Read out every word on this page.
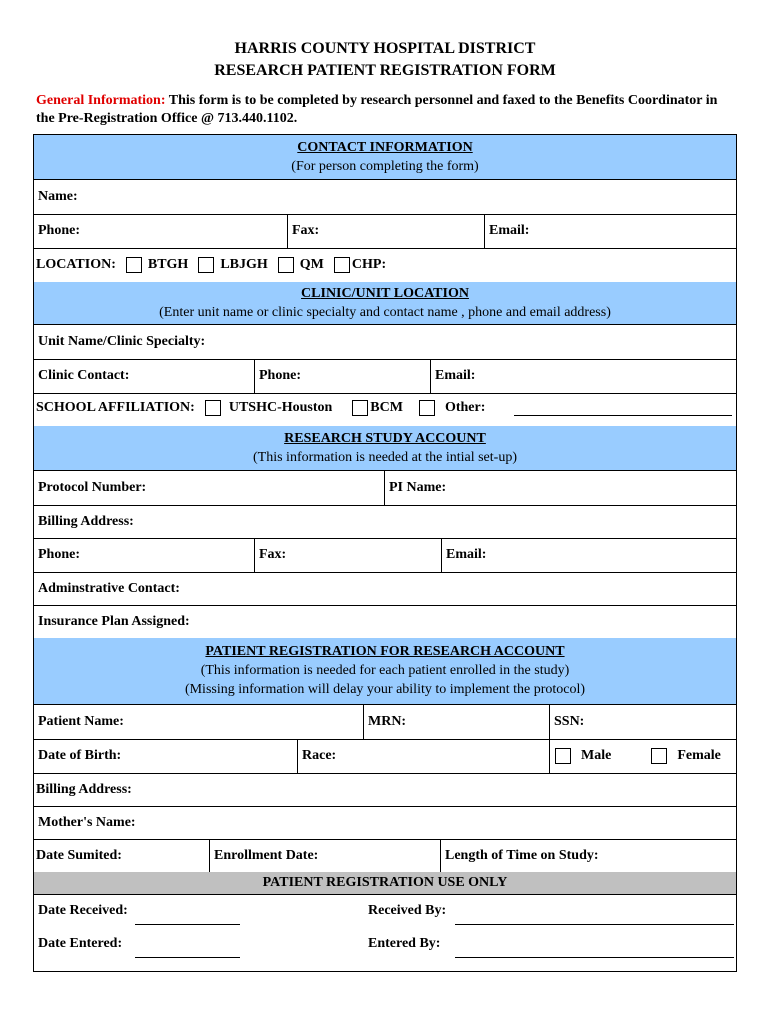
HARRIS COUNTY HOSPITAL DISTRICT
RESEARCH PATIENT REGISTRATION FORM
General Information: This form is to be completed by research personnel and faxed to the Benefits Coordinator in the Pre-Registration Office @ 713.440.1102.
CONTACT INFORMATION
(For person completing the form)
Name:
Phone:	Fax:	Email:
LOCATION: BTGH LBJGH QM CHP:
CLINIC/UNIT LOCATION
(Enter unit name or clinic specialty and contact name , phone and email address)
Unit Name/Clinic Specialty:
Clinic Contact:	Phone:	Email:
SCHOOL AFFILIATION: UTSHC-Houston	BCM	Other:
RESEARCH STUDY ACCOUNT
(This information is needed at the intial set-up)
Protocol Number:	PI Name:
Billing Address:
Phone:	Fax:	Email:
Adminstrative Contact:
Insurance Plan Assigned:
PATIENT REGISTRATION FOR RESEARCH ACCOUNT
(This information is needed for each patient enrolled in the study)
(Missing information will delay your ability to implement the protocol)
Patient Name:	MRN:	SSN:
Date of Birth:	Race:	Male	Female
Billing Address:
Mother's Name:
Date Sumited:	Enrollment Date:	Length of Time on Study:
PATIENT REGISTRATION USE ONLY
Date Received:	Received By:
Date Entered:	Entered By:
